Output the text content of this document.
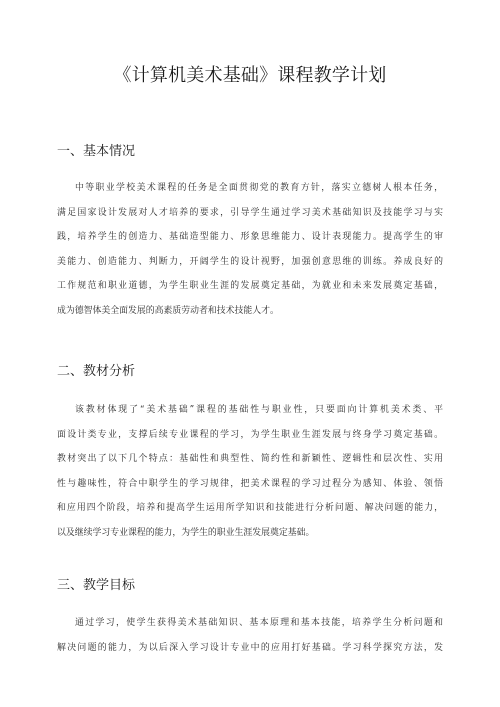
《计算机美术基础》课程教学计划
一、基本情况
中等职业学校美术课程的任务是全面贯彻党的教育方针，落实立德树人根本任务，
满足国家设计发展对人才培养的要求，引导学生通过学习美术基础知识及技能学习与实
践，培养学生的创造力、基础造型能力、形象思维能力、设计表现能力。提高学生的审
美能力、创造能力、判断力，开阔学生的设计视野，加强创意思维的训练。养成良好的
工作规范和职业道德，为学生职业生涯的发展奠定基础，为就业和未来发展奠定基础，
成为德智体美全面发展的高素质劳动者和技术技能人才。
二、教材分析
该教材体现了“美术基础”课程的基础性与职业性，只要面向计算机美术类、平
面设计类专业，支撑后续专业课程的学习，为学生职业生涯发展与终身学习奠定基础。
教材突出了以下几个特点：基础性和典型性、简约性和新颖性、逻辑性和层次性、实用
性与趣味性，符合中职学生的学习规律，把美术课程的学习过程分为感知、体验、领悟
和应用四个阶段，培养和提高学生运用所学知识和技能进行分析问题、解决问题的能力，
以及继续学习专业课程的能力，为学生的职业生涯发展奠定基础。
三、教学目标
通过学习，使学生获得美术基础知识、基本原理和基本技能，培养学生分析问题和
解决问题的能力，为以后深入学习设计专业中的应用打好基础。学习科学探究方法，发
